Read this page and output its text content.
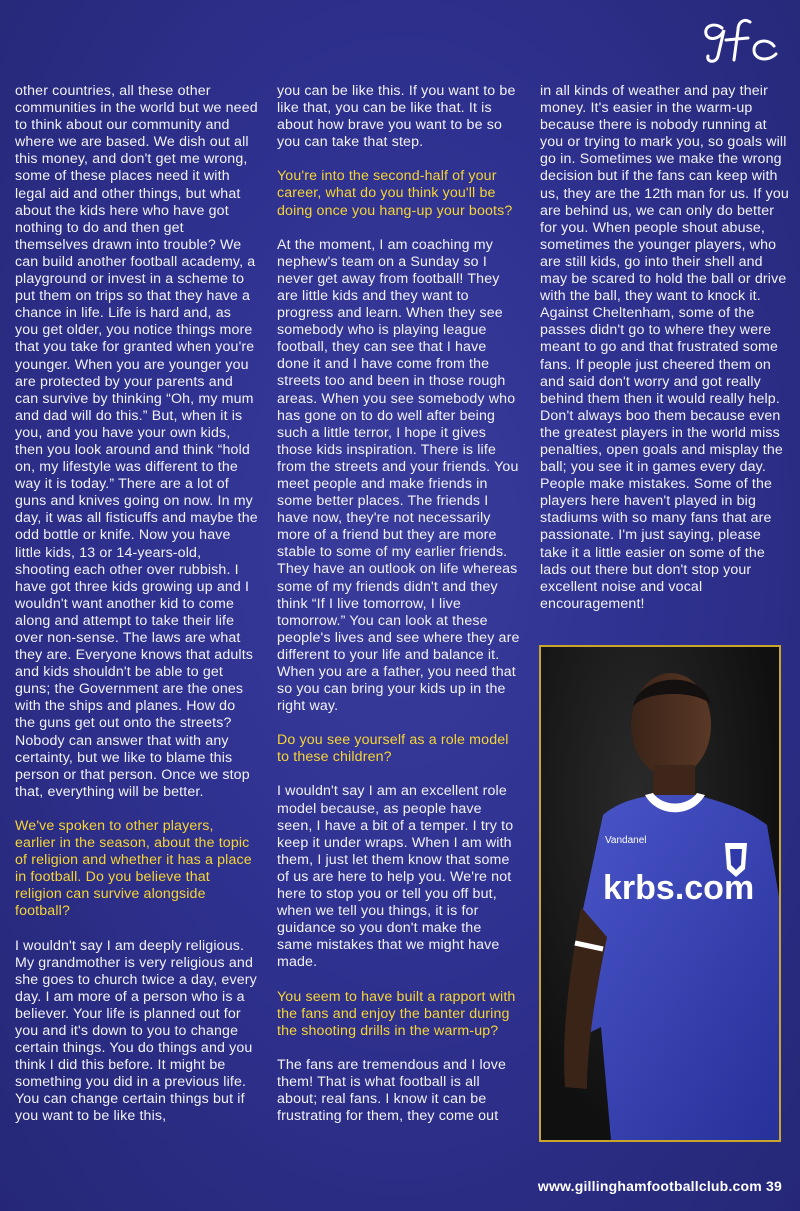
other countries, all these other communities in the world but we need to think about our community and where we are based. We dish out all this money, and don't get me wrong, some of these places need it with legal aid and other things, but what about the kids here who have got nothing to do and then get themselves drawn into trouble? We can build another football academy, a playground or invest in a scheme to put them on trips so that they have a chance in life. Life is hard and, as you get older, you notice things more that you take for granted when you're younger. When you are younger you are protected by your parents and can survive by thinking “Oh, my mum and dad will do this.” But, when it is you, and you have your own kids, then you look around and think “hold on, my lifestyle was different to the way it is today.” There are a lot of guns and knives going on now. In my day, it was all fisticuffs and maybe the odd bottle or knife. Now you have little kids, 13 or 14-years-old, shooting each other over rubbish. I have got three kids growing up and I wouldn't want another kid to come along and attempt to take their life over non-sense. The laws are what they are. Everyone knows that adults and kids shouldn't be able to get guns; the Government are the ones with the ships and planes. How do the guns get out onto the streets? Nobody can answer that with any certainty, but we like to blame this person or that person. Once we stop that, everything will be better.

We've spoken to other players, earlier in the season, about the topic of religion and whether it has a place in football. Do you believe that religion can survive alongside football?

I wouldn't say I am deeply religious. My grandmother is very religious and she goes to church twice a day, every day. I am more of a person who is a believer. Your life is planned out for you and it's down to you to change certain things. You do things and you think I did this before. It might be something you did in a previous life. You can change certain things but if you want to be like this,

you can be like this. If you want to be like that, you can be like that. It is about how brave you want to be so you can take that step.

You're into the second-half of your career, what do you think you'll be doing once you hang-up your boots?

At the moment, I am coaching my nephew's team on a Sunday so I never get away from football! They are little kids and they want to progress and learn. When they see somebody who is playing league football, they can see that I have done it and I have come from the streets too and been in those rough areas. When you see somebody who has gone on to do well after being such a little terror, I hope it gives those kids inspiration. There is life from the streets and your friends. You meet people and make friends in some better places. The friends I have now, they're not necessarily more of a friend but they are more stable to some of my earlier friends. They have an outlook on life whereas some of my friends didn't and they think “If I live tomorrow, I live tomorrow.” You can look at these people's lives and see where they are different to your life and balance it. When you are a father, you need that so you can bring your kids up in the right way.

Do you see yourself as a role model to these children?

I wouldn't say I am an excellent role model because, as people have seen, I have a bit of a temper. I try to keep it under wraps. When I am with them, I just let them know that some of us are here to help you. We're not here to stop you or tell you off but, when we tell you things, it is for guidance so you don't make the same mistakes that we might have made.

You seem to have built a rapport with the fans and enjoy the banter during the shooting drills in the warm-up?

The fans are tremendous and I love them! That is what football is all about; real fans. I know it can be frustrating for them, they come out

in all kinds of weather and pay their money. It's easier in the warm-up because there is nobody running at you or trying to mark you, so goals will go in. Sometimes we make the wrong decision but if the fans can keep with us, they are the 12th man for us. If you are behind us, we can only do better for you. When people shout abuse, sometimes the younger players, who are still kids, go into their shell and may be scared to hold the ball or drive with the ball, they want to knock it. Against Cheltenham, some of the passes didn't go to where they were meant to go and that frustrated some fans. If people just cheered them on and said don't worry and got really behind them then it would really help. Don't always boo them because even the greatest players in the world miss penalties, open goals and misplay the ball; you see it in games every day. People make mistakes. Some of the players here haven't played in big stadiums with so many fans that are passionate. I'm just saying, please take it a little easier on some of the lads out there but don't stop your excellent noise and vocal encouragement!

krbs.com
Vandanel
www.gillinghamfootballclub.com 39
